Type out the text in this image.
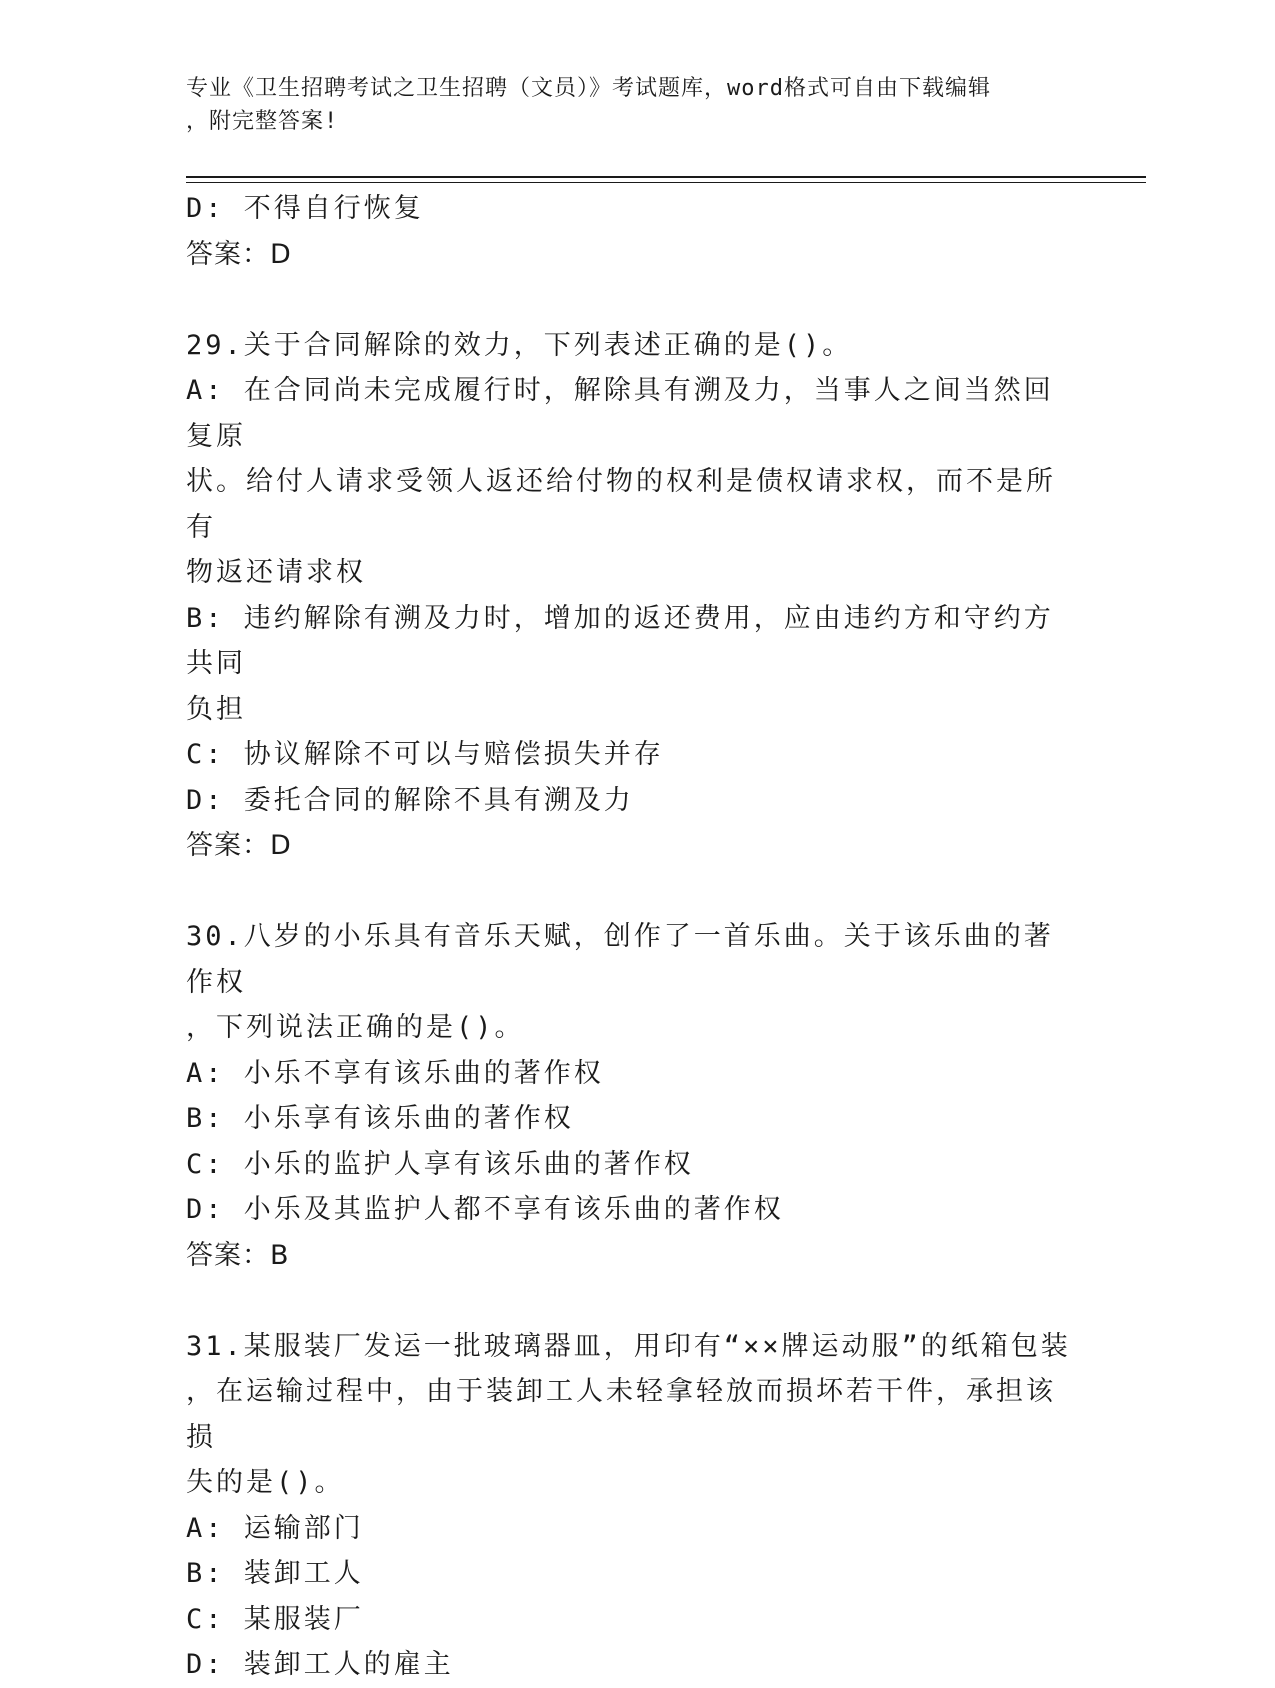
专业《卫生招聘考试之卫生招聘（文员）》考试题库，word格式可自由下载编辑
，附完整答案!
D: 不得自行恢复
答案：D
29.关于合同解除的效力，下列表述正确的是()。
A: 在合同尚未完成履行时，解除具有溯及力，当事人之间当然回复原
状。给付人请求受领人返还给付物的权利是债权请求权，而不是所有
物返还请求权
B: 违约解除有溯及力时，增加的返还费用，应由违约方和守约方共同
负担
C: 协议解除不可以与赔偿损失并存
D: 委托合同的解除不具有溯及力
答案：D
30.八岁的小乐具有音乐天赋，创作了一首乐曲。关于该乐曲的著作权
，下列说法正确的是()。
A: 小乐不享有该乐曲的著作权
B: 小乐享有该乐曲的著作权
C: 小乐的监护人享有该乐曲的著作权
D: 小乐及其监护人都不享有该乐曲的著作权
答案：B
31.某服装厂发运一批玻璃器皿，用印有“××牌运动服”的纸箱包装
，在运输过程中，由于装卸工人未轻拿轻放而损坏若干件，承担该损
失的是()。
A: 运输部门
B: 装卸工人
C: 某服装厂
D: 装卸工人的雇主
